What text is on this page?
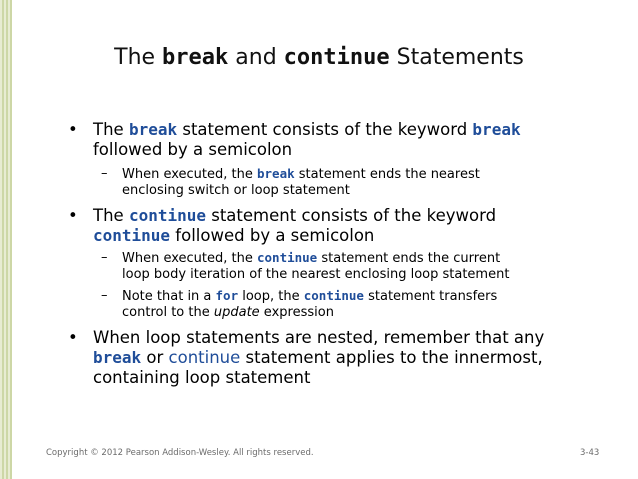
The break and continue Statements
• The break statement consists of the keyword break
followed by a semicolon
– When executed, the break statement ends the nearest
enclosing switch or loop statement
• The continue statement consists of the keyword
continue followed by a semicolon
– When executed, the continue statement ends the current
loop body iteration of the nearest enclosing loop statement
– Note that in a for loop, the continue statement transfers
control to the update expression
• When loop statements are nested, remember that any
break or continue statement applies to the innermost,
containing loop statement
Copyright © 2012 Pearson Addison-Wesley. All rights reserved.	3-43
